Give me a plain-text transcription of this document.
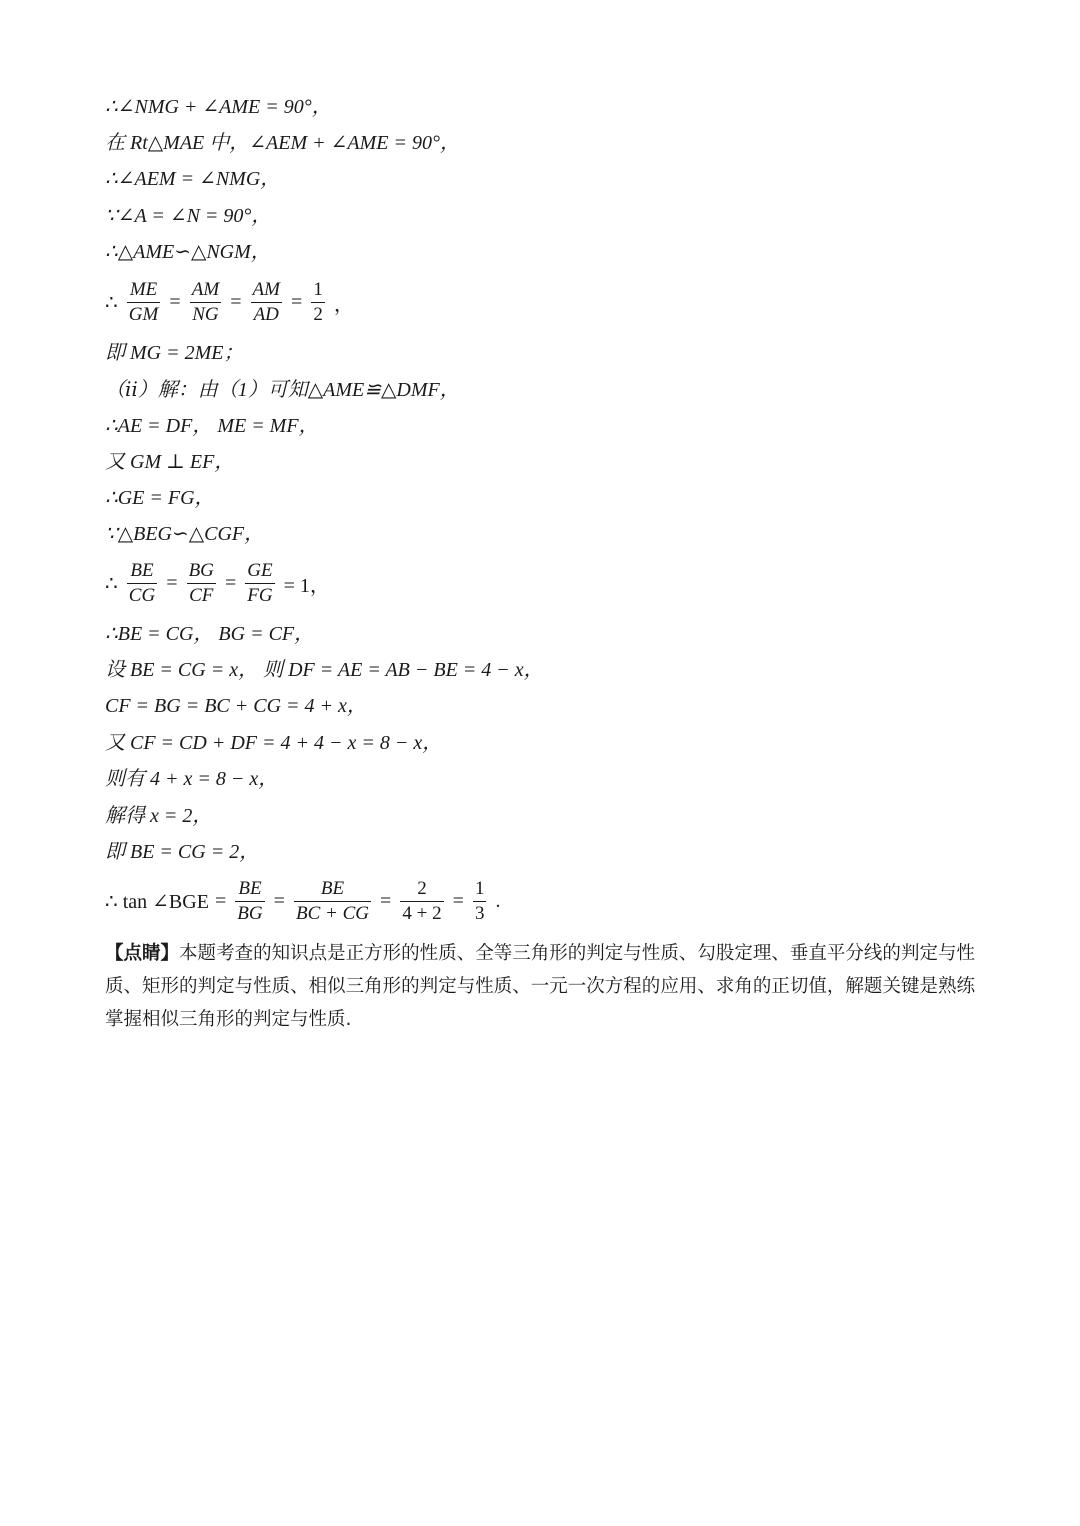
∴∠NMG + ∠AME = 90°，
在 Rt△MAE 中，∠AEM + ∠AME = 90°，
∴∠AEM = ∠NMG，
∵∠A = ∠N = 90°，
∴△AME∽△NGM，
∴ $\frac{ME}{GM} = \frac{AM}{NG} = \frac{AM}{AD} = \frac{1}{2}$ ，
即 MG = 2ME；
（ⅱ）解：由（1）可知△AME≌△DMF，
∴AE = DF， ME = MF，
又 GM ⊥ EF，
∴GE = FG，
∵△BEG∽△CGF，
∴ $\frac{BE}{CG} = \frac{BG}{CF} = \frac{GE}{FG} = 1$，
∴BE = CG， BG = CF，
设 BE = CG = x， 则 DF = AE = AB − BE = 4 − x，
CF = BG = BC + CG = 4 + x，
又 CF = CD + DF = 4 + 4 − x = 8 − x，
则有 4 + x = 8 − x，
解得 x = 2，
即 BE = CG = 2，
∴ tan ∠BGE = $\frac{BE}{BG} = \frac{BE}{BC + CG} = \frac{2}{4 + 2} = \frac{1}{3}$ .
【点睛】本题考查的知识点是正方形的性质、全等三角形的判定与性质、勾股定理、垂直平分线的判定与性质、矩形的判定与性质、相似三角形的判定与性质、一元一次方程的应用、求角的正切值，解题关键是熟练掌握相似三角形的判定与性质.
